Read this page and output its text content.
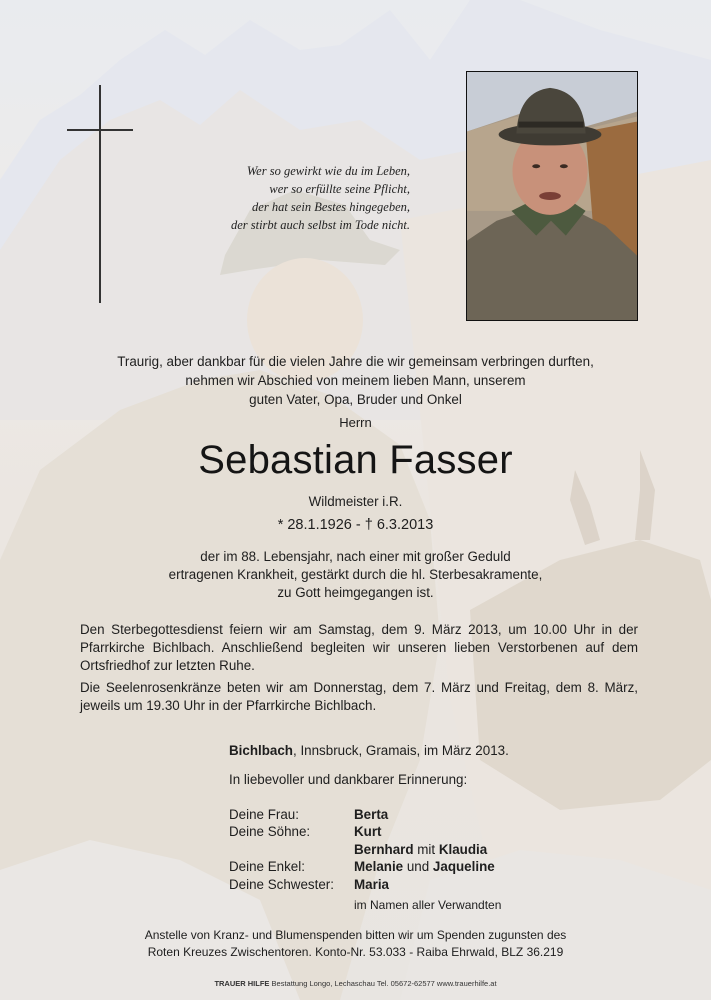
Wer so gewirkt wie du im Leben,
wer so erfüllte seine Pflicht,
der hat sein Bestes hingegeben,
der stirbt auch selbst im Tode nicht.
Traurig, aber dankbar für die vielen Jahre die wir gemeinsam verbringen durften,
nehmen wir Abschied von meinem lieben Mann, unserem
guten Vater, Opa, Bruder und Onkel
Herrn
Sebastian Fasser
Wildmeister i.R.
* 28.1.1926 - † 6.3.2013
der im 88. Lebensjahr, nach einer mit großer Geduld
ertragenen Krankheit, gestärkt durch die hl. Sterbesakramente,
zu Gott heimgegangen ist.
Den Sterbegottesdienst feiern wir am Samstag, dem 9. März 2013, um 10.00 Uhr in der Pfarrkirche Bichlbach. Anschließend begleiten wir unseren lieben Verstorbenen auf dem Ortsfriedhof zur letzten Ruhe.
Die Seelenrosenkränze beten wir am Donnerstag, dem 7. März und Freitag, dem 8. März, jeweils um 19.30 Uhr in der Pfarrkirche Bichlbach.
Bichlbach, Innsbruck, Gramais, im März 2013.
In liebevoller und dankbarer Erinnerung:
Deine Frau:	Berta
Deine Söhne:	Kurt
Bernhard mit Klaudia
Deine Enkel:	Melanie und Jaqueline
Deine Schwester: Maria
im Namen aller Verwandten
Anstelle von Kranz- und Blumenspenden bitten wir um Spenden zugunsten des
Roten Kreuzes Zwischentoren. Konto-Nr. 53.033 - Raiba Ehrwald, BLZ 36.219
TRAUER HILFE Bestattung Longo, Lechaschau Tel. 05672-62577 www.trauerhilfe.at
